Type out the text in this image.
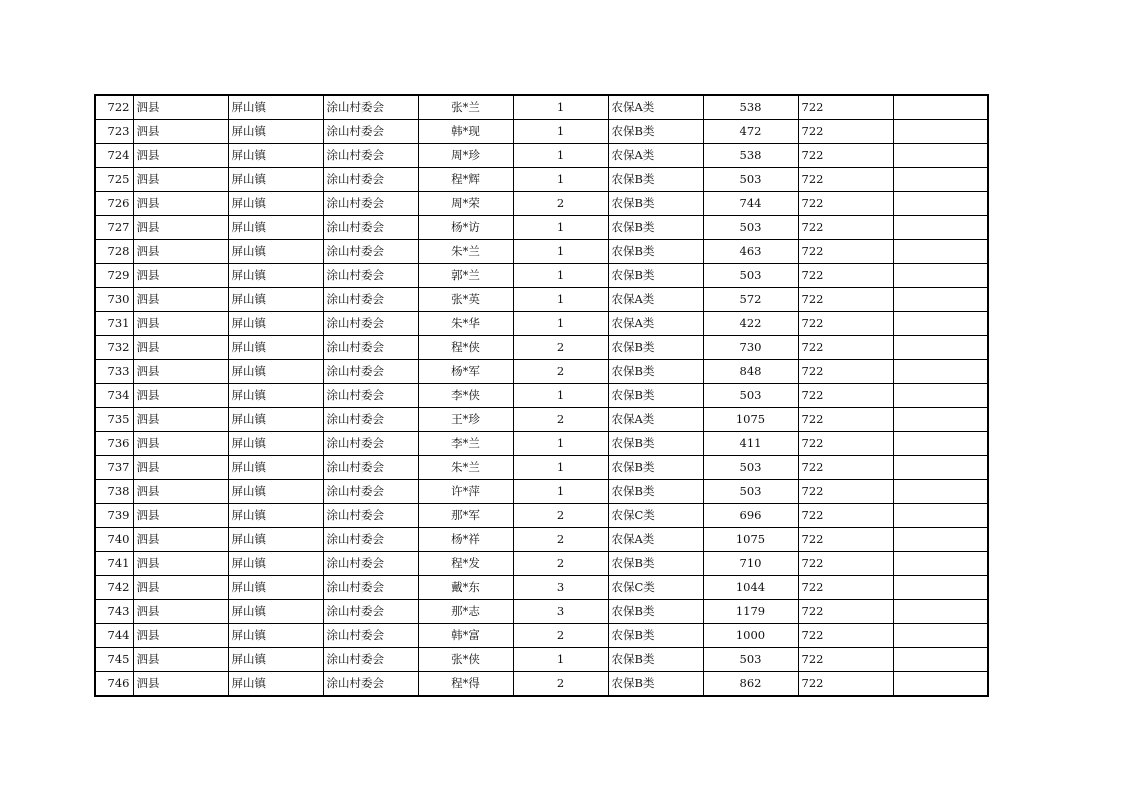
722	泗县	屏山镇	涂山村委会	张*兰	1	农保A类	538	722	
723	泗县	屏山镇	涂山村委会	韩*现	1	农保B类	472	722	
724	泗县	屏山镇	涂山村委会	周*珍	1	农保A类	538	722	
725	泗县	屏山镇	涂山村委会	程*辉	1	农保B类	503	722	
726	泗县	屏山镇	涂山村委会	周*荣	2	农保B类	744	722	
727	泗县	屏山镇	涂山村委会	杨*访	1	农保B类	503	722	
728	泗县	屏山镇	涂山村委会	朱*兰	1	农保B类	463	722	
729	泗县	屏山镇	涂山村委会	郭*兰	1	农保B类	503	722	
730	泗县	屏山镇	涂山村委会	张*英	1	农保A类	572	722	
731	泗县	屏山镇	涂山村委会	朱*华	1	农保A类	422	722	
732	泗县	屏山镇	涂山村委会	程*侠	2	农保B类	730	722	
733	泗县	屏山镇	涂山村委会	杨*军	2	农保B类	848	722	
734	泗县	屏山镇	涂山村委会	李*侠	1	农保B类	503	722	
735	泗县	屏山镇	涂山村委会	王*珍	2	农保A类	1075	722	
736	泗县	屏山镇	涂山村委会	李*兰	1	农保B类	411	722	
737	泗县	屏山镇	涂山村委会	朱*兰	1	农保B类	503	722	
738	泗县	屏山镇	涂山村委会	许*萍	1	农保B类	503	722	
739	泗县	屏山镇	涂山村委会	那*军	2	农保C类	696	722	
740	泗县	屏山镇	涂山村委会	杨*祥	2	农保A类	1075	722	
741	泗县	屏山镇	涂山村委会	程*发	2	农保B类	710	722	
742	泗县	屏山镇	涂山村委会	戴*东	3	农保C类	1044	722	
743	泗县	屏山镇	涂山村委会	那*志	3	农保B类	1179	722	
744	泗县	屏山镇	涂山村委会	韩*富	2	农保B类	1000	722	
745	泗县	屏山镇	涂山村委会	张*侠	1	农保B类	503	722	
746	泗县	屏山镇	涂山村委会	程*得	2	农保B类	862	722	
